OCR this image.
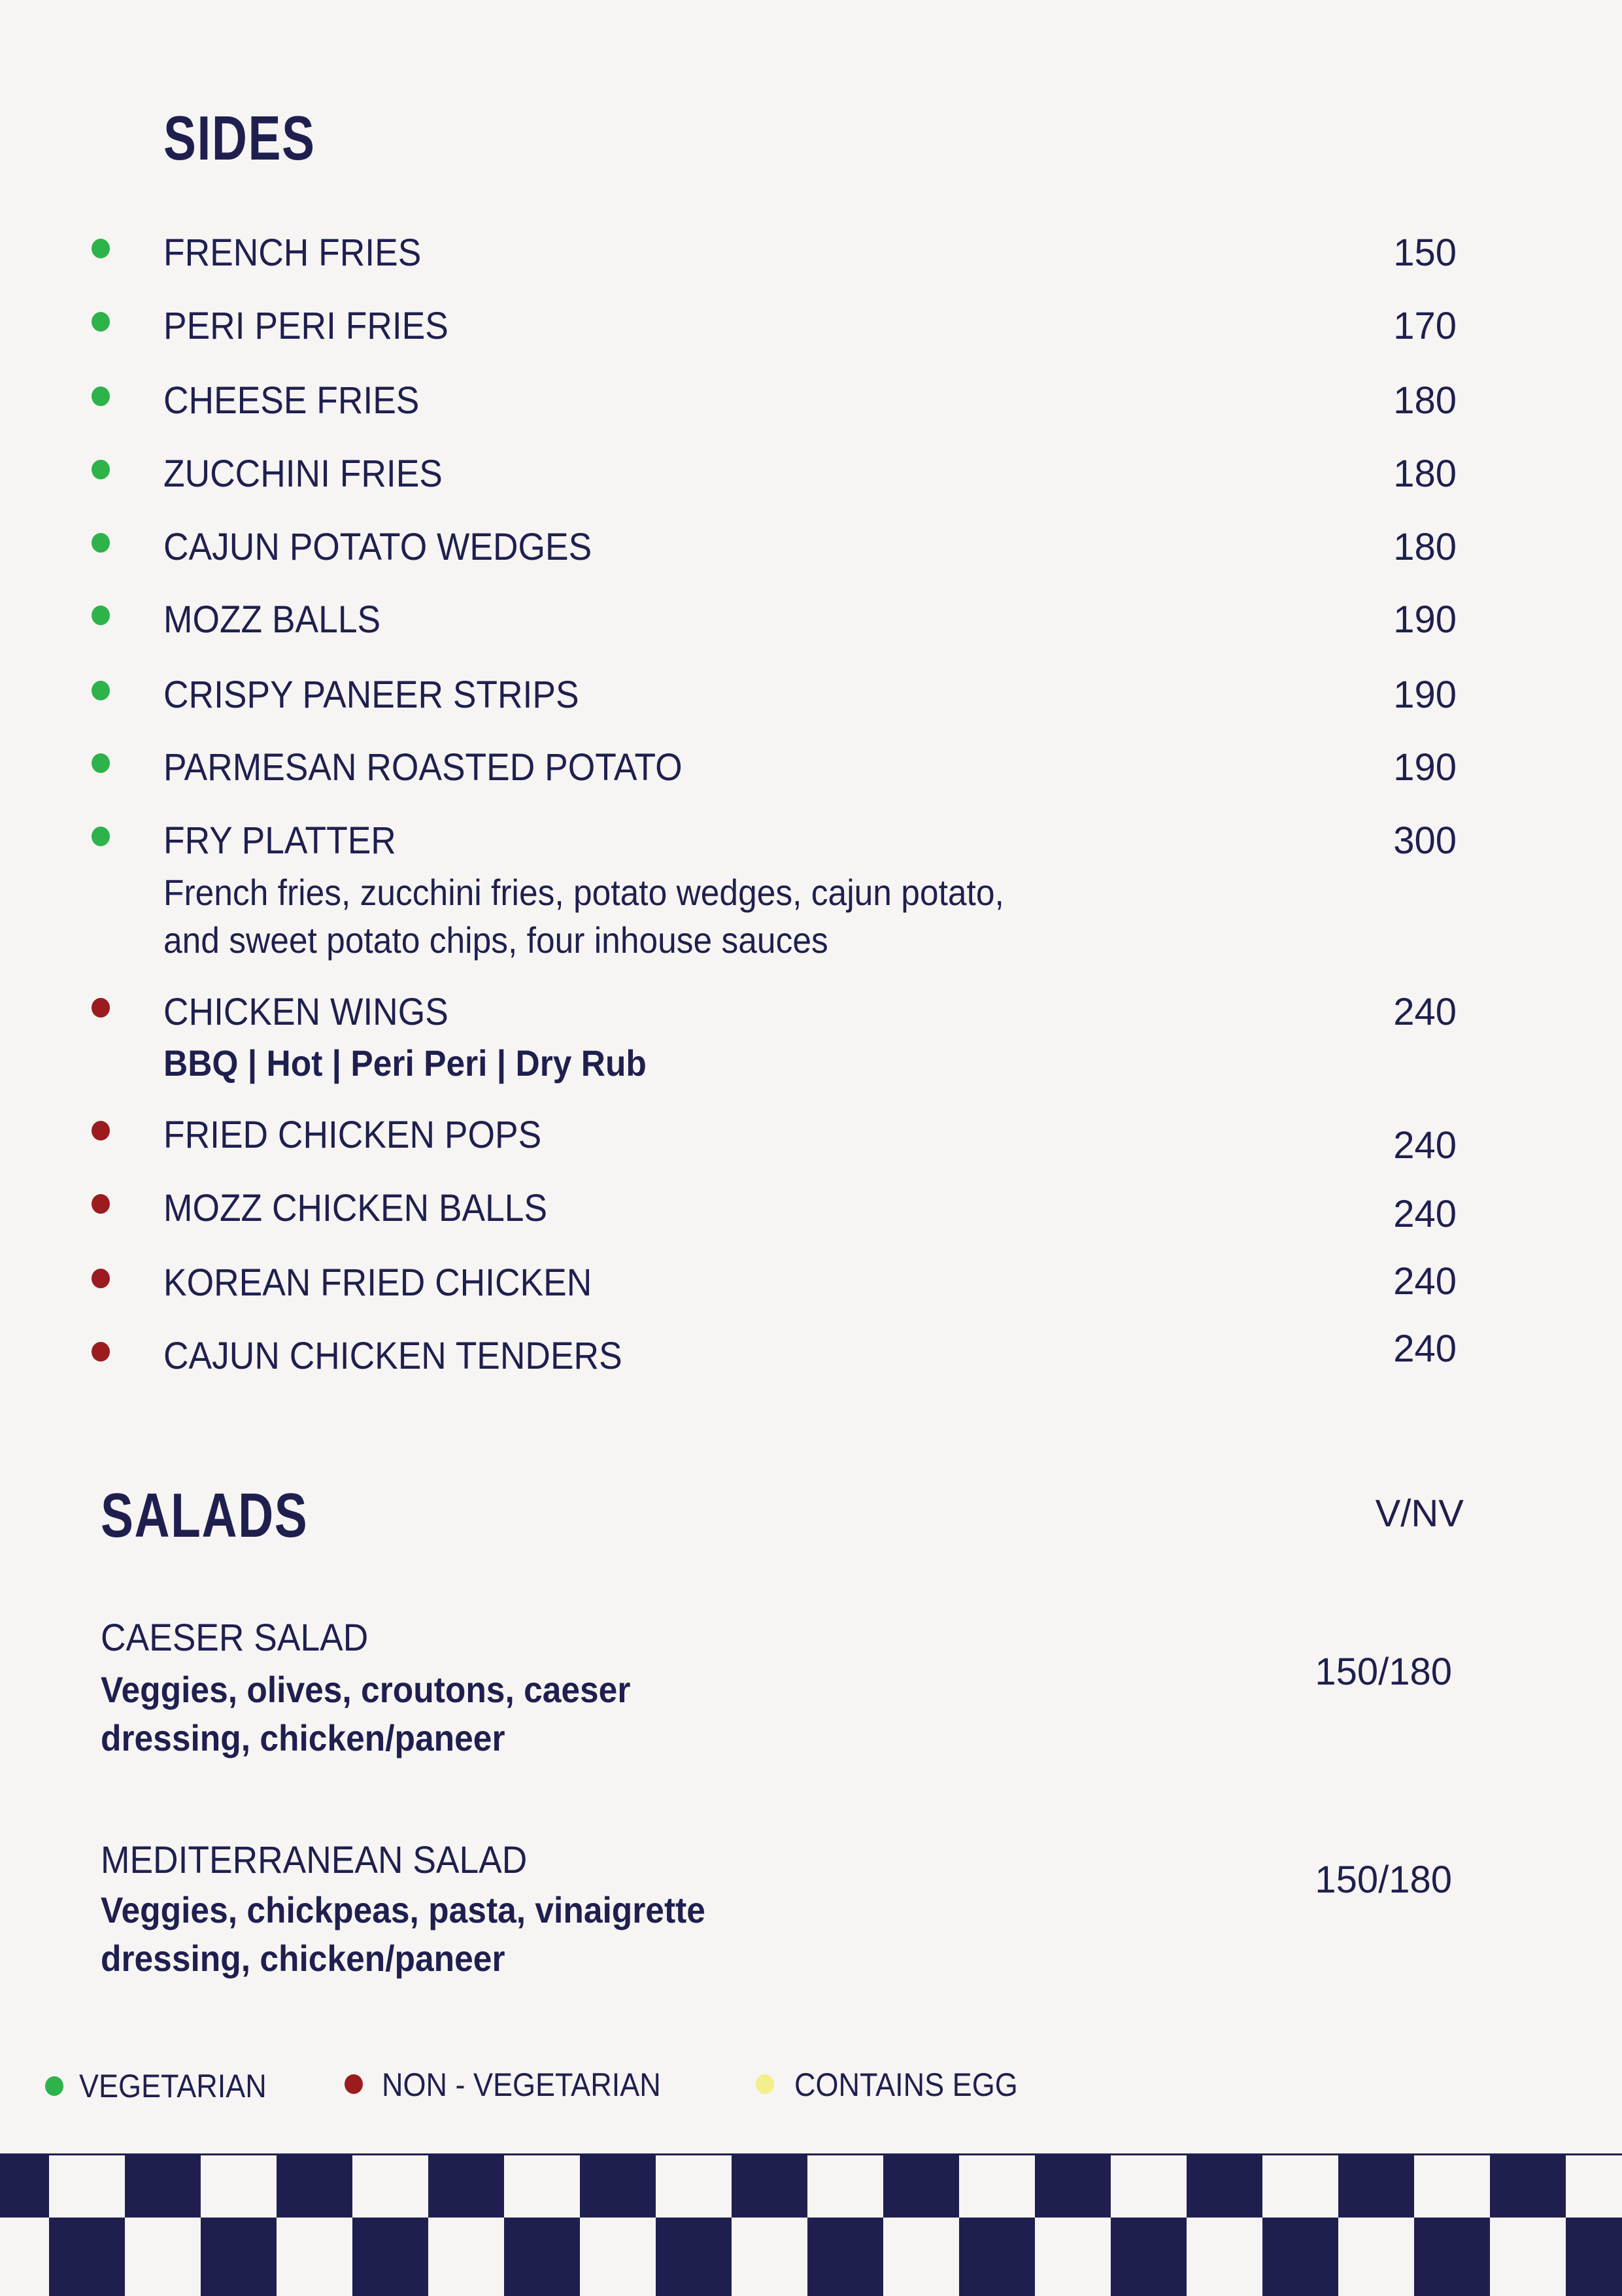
SIDES
FRENCH FRIES	150
PERI PERI FRIES	170
CHEESE FRIES	180
ZUCCHINI FRIES	180
CAJUN POTATO WEDGES	180
MOZZ BALLS	190
CRISPY PANEER STRIPS	190
PARMESAN ROASTED POTATO	190
FRY PLATTER	300
French fries, zucchini fries, potato wedges, cajun potato,
and sweet potato chips, four inhouse sauces
CHICKEN WINGS	240
BBQ | Hot | Peri Peri | Dry Rub
FRIED CHICKEN POPS	240
MOZZ CHICKEN BALLS	240
KOREAN FRIED CHICKEN	240
CAJUN CHICKEN TENDERS	240
SALADS	V/NV
CAESER SALAD
Veggies, olives, croutons, caeser
dressing, chicken/paneer
150/180
MEDITERRANEAN SALAD
Veggies, chickpeas, pasta, vinaigrette
dressing, chicken/paneer
150/180
VEGETARIAN	NON - VEGETARIAN	CONTAINS EGG
